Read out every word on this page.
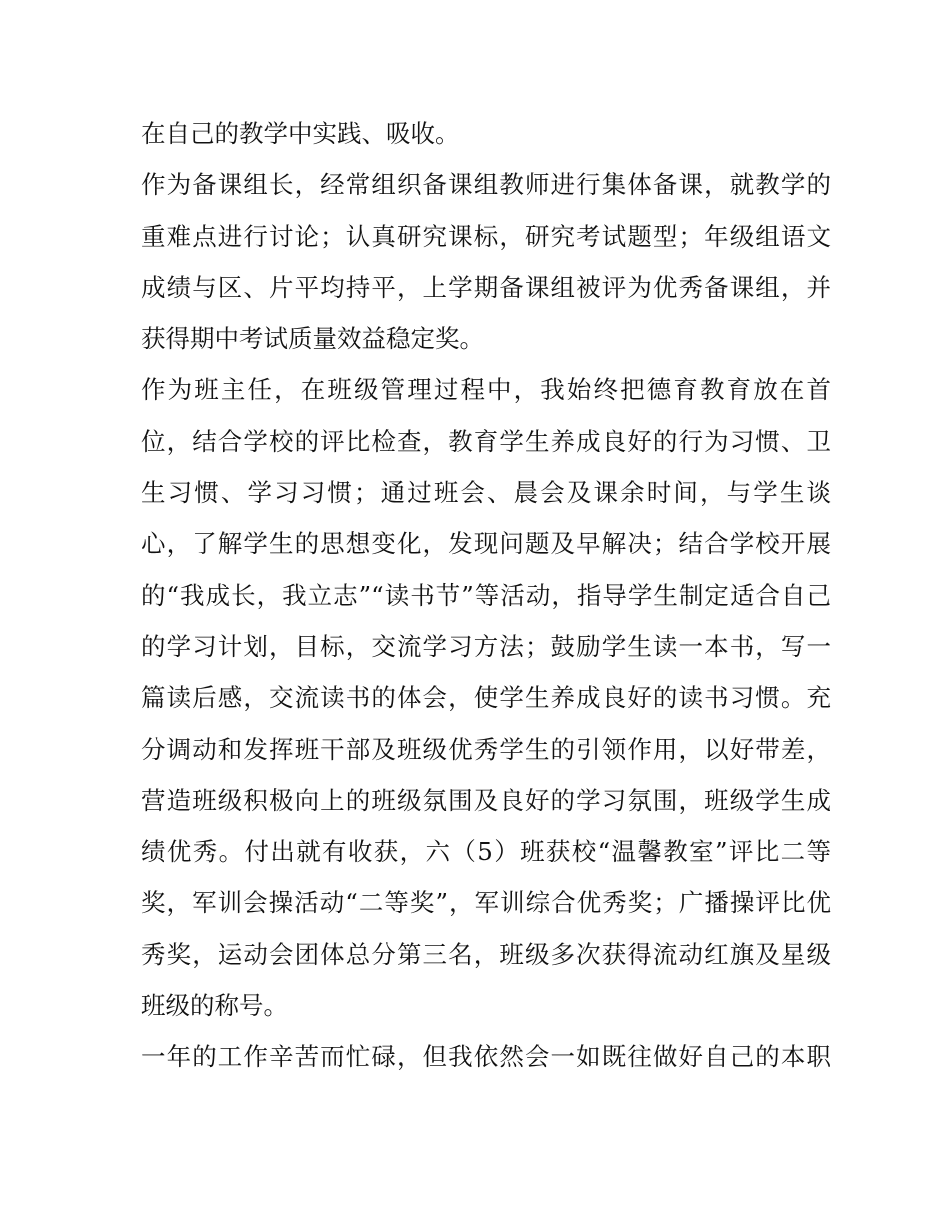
在自己的教学中实践、吸收。
作为备课组长，经常组织备课组教师进行集体备课，就教学的
重难点进行讨论；认真研究课标，研究考试题型；年级组语文
成绩与区、片平均持平，上学期备课组被评为优秀备课组，并
获得期中考试质量效益稳定奖。
作为班主任，在班级管理过程中，我始终把德育教育放在首
位，结合学校的评比检查，教育学生养成良好的行为习惯、卫
生习惯、学习习惯；通过班会、晨会及课余时间，与学生谈
心，了解学生的思想变化，发现问题及早解决；结合学校开展
的“我成长，我立志”“读书节”等活动，指导学生制定适合自己
的学习计划，目标，交流学习方法；鼓励学生读一本书，写一
篇读后感，交流读书的体会，使学生养成良好的读书习惯。充
分调动和发挥班干部及班级优秀学生的引领作用，以好带差，
营造班级积极向上的班级氛围及良好的学习氛围，班级学生成
绩优秀。付出就有收获，六（5）班获校“温馨教室”评比二等
奖，军训会操活动“二等奖”，军训综合优秀奖；广播操评比优
秀奖，运动会团体总分第三名，班级多次获得流动红旗及星级
班级的称号。
一年的工作辛苦而忙碌，但我依然会一如既往做好自己的本职
